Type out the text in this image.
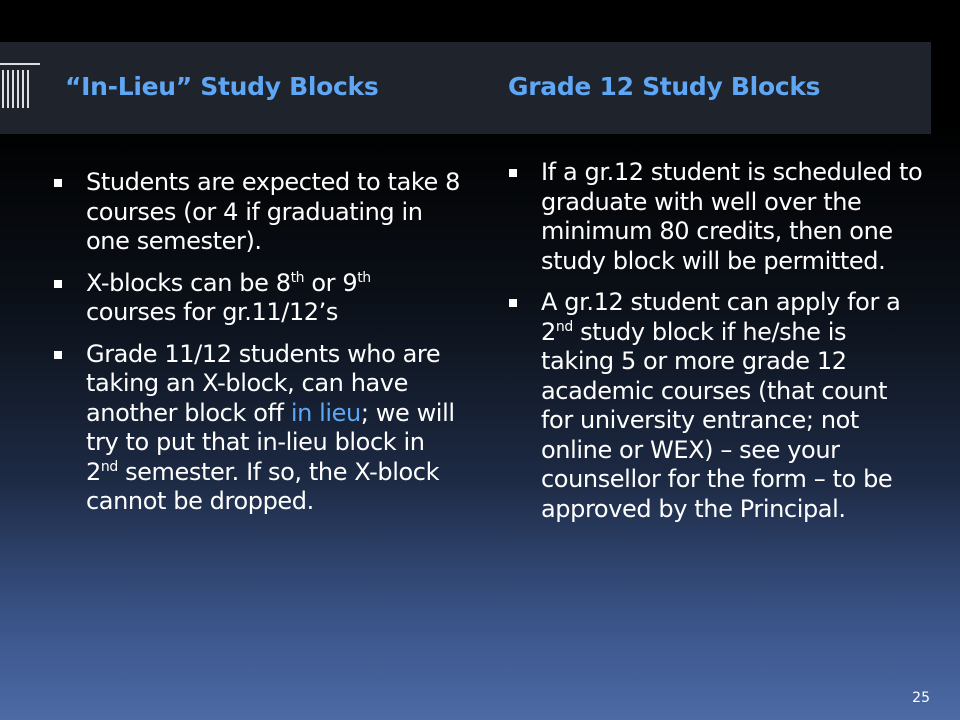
“In-Lieu” Study Blocks	Grade 12 Study Blocks
Students are expected to take 8 courses (or 4 if graduating in one semester).
X-blocks can be 8th or 9th courses for gr.11/12’s
Grade 11/12 students who are taking an X-block, can have another block off in lieu; we will try to put that in-lieu block in 2nd semester. If so, the X-block cannot be dropped.
If a gr.12 student is scheduled to graduate with well over the minimum 80 credits, then one study block will be permitted.
A gr.12 student can apply for a 2nd study block if he/she is taking 5 or more grade 12 academic courses (that count for university entrance; not online or WEX) – see your counsellor for the form – to be approved by the Principal.
25
